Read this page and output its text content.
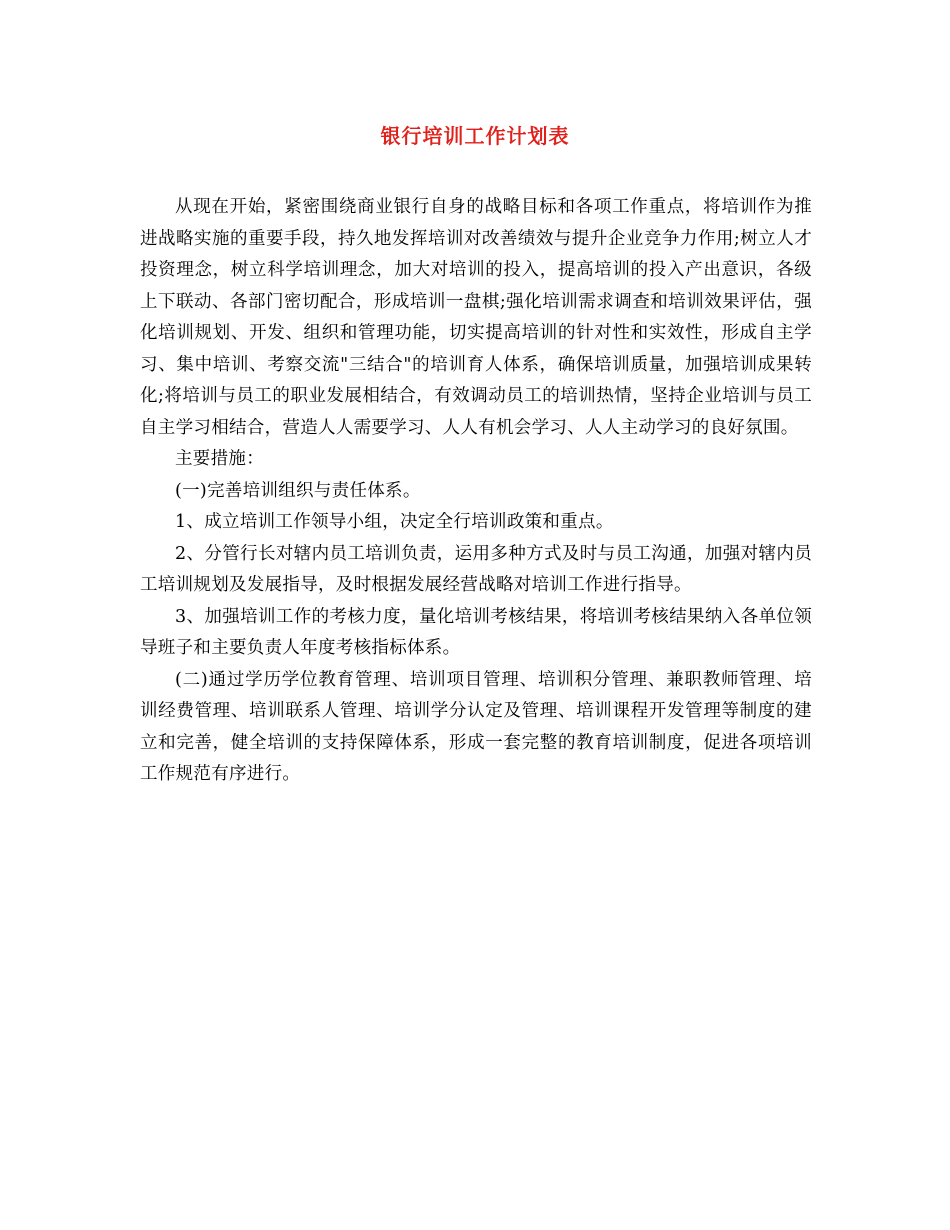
银行培训工作计划表

从现在开始，紧密围绕商业银行自身的战略目标和各项工作重点，将培训作为推进战略实施的重要手段，持久地发挥培训对改善绩效与提升企业竞争力作用;树立人才投资理念，树立科学培训理念，加大对培训的投入，提高培训的投入产出意识，各级上下联动、各部门密切配合，形成培训一盘棋;强化培训需求调查和培训效果评估，强化培训规划、开发、组织和管理功能，切实提高培训的针对性和实效性，形成自主学习、集中培训、考察交流"三结合"的培训育人体系，确保培训质量，加强培训成果转化;将培训与员工的职业发展相结合，有效调动员工的培训热情，坚持企业培训与员工自主学习相结合，营造人人需要学习、人人有机会学习、人人主动学习的良好氛围。

主要措施：

(一)完善培训组织与责任体系。

1、成立培训工作领导小组，决定全行培训政策和重点。

2、分管行长对辖内员工培训负责，运用多种方式及时与员工沟通，加强对辖内员工培训规划及发展指导，及时根据发展经营战略对培训工作进行指导。

3、加强培训工作的考核力度，量化培训考核结果，将培训考核结果纳入各单位领导班子和主要负责人年度考核指标体系。

(二)通过学历学位教育管理、培训项目管理、培训积分管理、兼职教师管理、培训经费管理、培训联系人管理、培训学分认定及管理、培训课程开发管理等制度的建立和完善，健全培训的支持保障体系，形成一套完整的教育培训制度，促进各项培训工作规范有序进行。
